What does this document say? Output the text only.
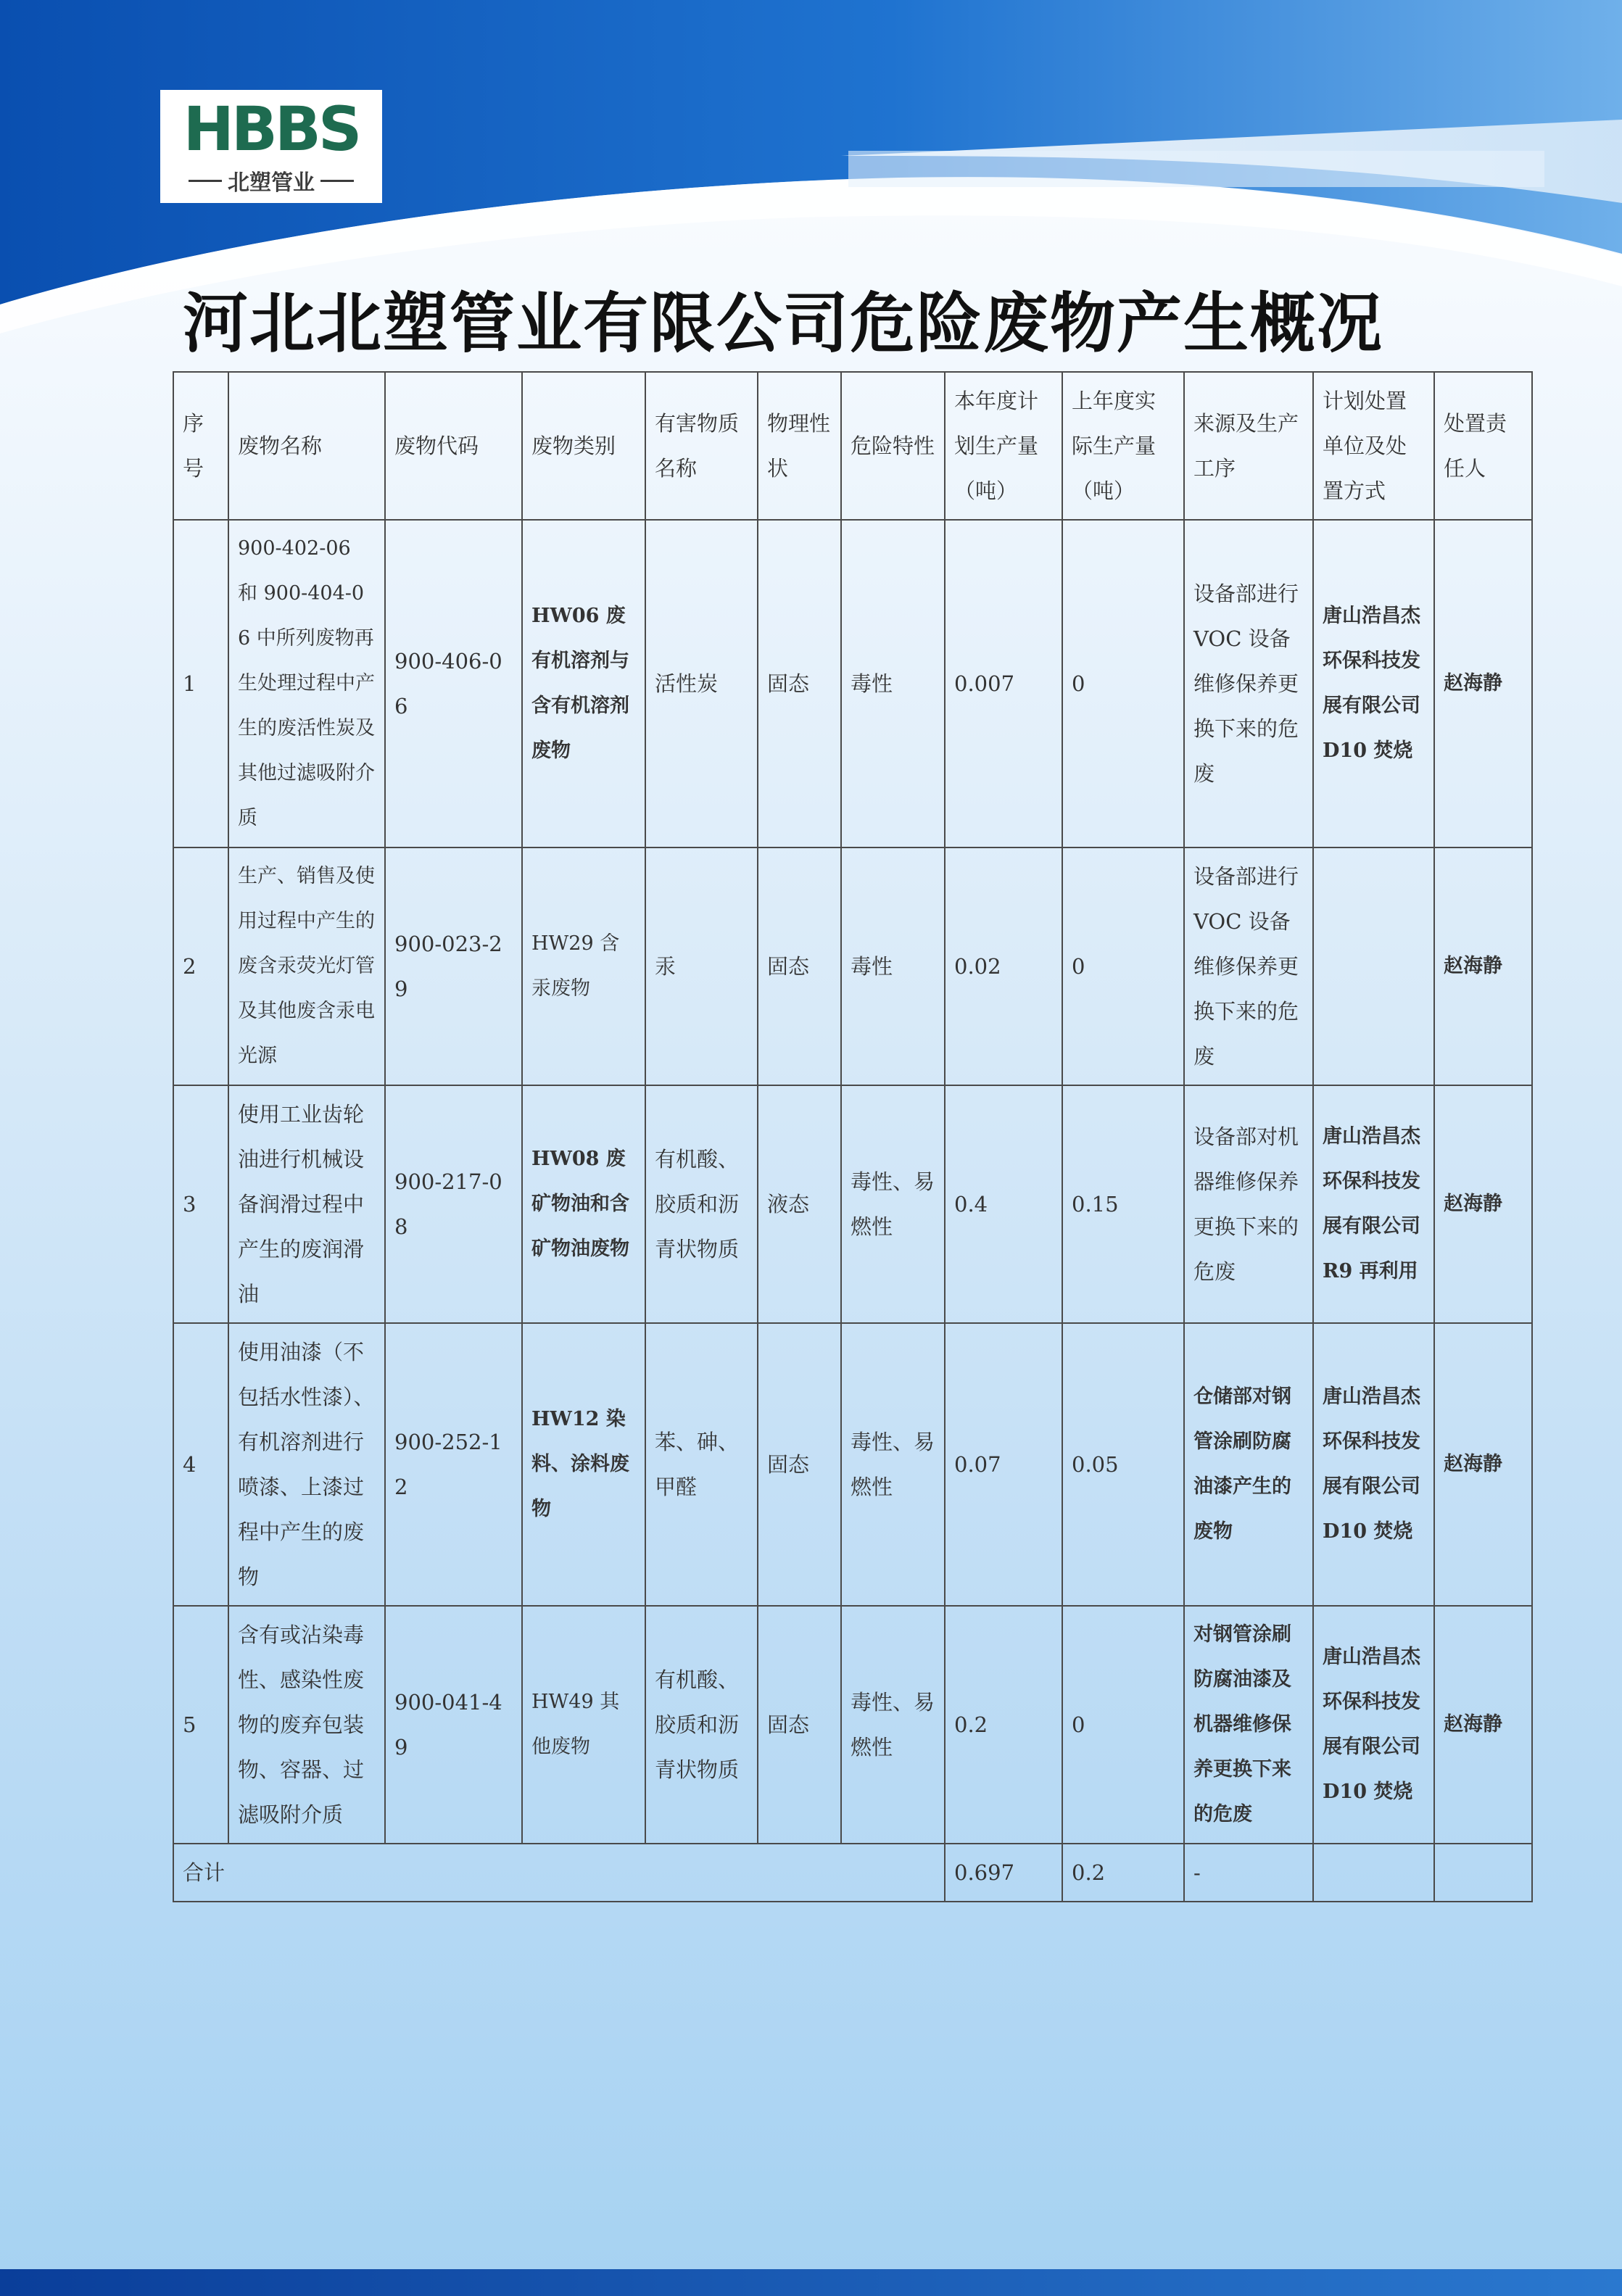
HBBS
北塑管业
河北北塑管业有限公司危险废物产生概况
序号	废物名称	废物代码	废物类别	有害物质名称	物理性状	危险特性	本年度计划生产量（吨）	上年度实际生产量（吨）	来源及生产工序	计划处置单位及处置方式	处置责任人
1	900-402-06 和 900-404-06 中所列废物再生处理过程中产生的废活性炭及其他过滤吸附介质	900-406-06	HW06 废有机溶剂与含有机溶剂废物	活性炭	固态	毒性	0.007	0	设备部进行 VOC 设备维修保养更换下来的危废	唐山浩昌杰环保科技发展有限公司 D10 焚烧	赵海静
2	生产、销售及使用过程中产生的废含汞荧光灯管及其他废含汞电光源	900-023-29	HW29 含汞废物	汞	固态	毒性	0.02	0	设备部进行 VOC 设备维修保养更换下来的危废		赵海静
3	使用工业齿轮油进行机械设备润滑过程中产生的废润滑油	900-217-08	HW08 废矿物油和含矿物油废物	有机酸、胶质和沥青状物质	液态	毒性、易燃性	0.4	0.15	设备部对机器维修保养更换下来的危废	唐山浩昌杰环保科技发展有限公司 R9 再利用	赵海静
4	使用油漆（不包括水性漆）、有机溶剂进行喷漆、上漆过程中产生的废物	900-252-12	HW12 染料、涂料废物	苯、砷、甲醛	固态	毒性、易燃性	0.07	0.05	仓储部对钢管涂刷防腐油漆产生的废物	唐山浩昌杰环保科技发展有限公司 D10 焚烧	赵海静
5	含有或沾染毒性、感染性废物的废弃包装物、容器、过滤吸附介质	900-041-49	HW49 其他废物	有机酸、胶质和沥青状物质	固态	毒性、易燃性	0.2	0	对钢管涂刷防腐油漆及机器维修保养更换下来的危废	唐山浩昌杰环保科技发展有限公司 D10 焚烧	赵海静
合计							0.697	0.2	-		
